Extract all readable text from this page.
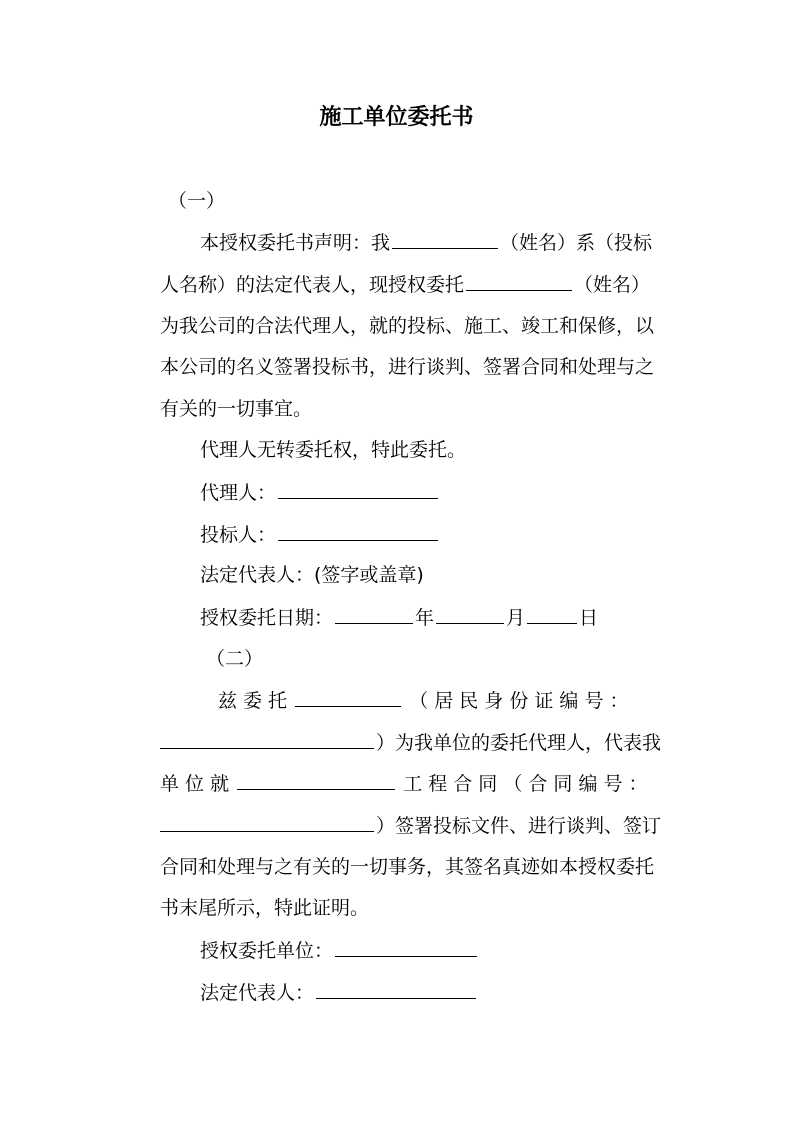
施工单位委托书

（一）

本授权委托书声明：我	（姓名）系（投标

人名称）的法定代表人，现授权委托	（姓名）

为我公司的合法代理人，就的投标、施工、竣工和保修，以

本公司的名义签署投标书，进行谈判、签署合同和处理与之

有关的一切事宜。

代理人无转委托权，特此委托。

代理人：

投标人：

法定代表人：(签字或盖章)

授权委托日期：	年	月	日

（二）

兹 委 托	（ 居 民 身 份 证 编 号 ：

）为我单位的委托代理人，代表我

单 位 就	工 程 合 同 （ 合 同 编 号 ：

）签署投标文件、进行谈判、签订

合同和处理与之有关的一切事务，其签名真迹如本授权委托

书末尾所示，特此证明。

授权委托单位：

法定代表人：
